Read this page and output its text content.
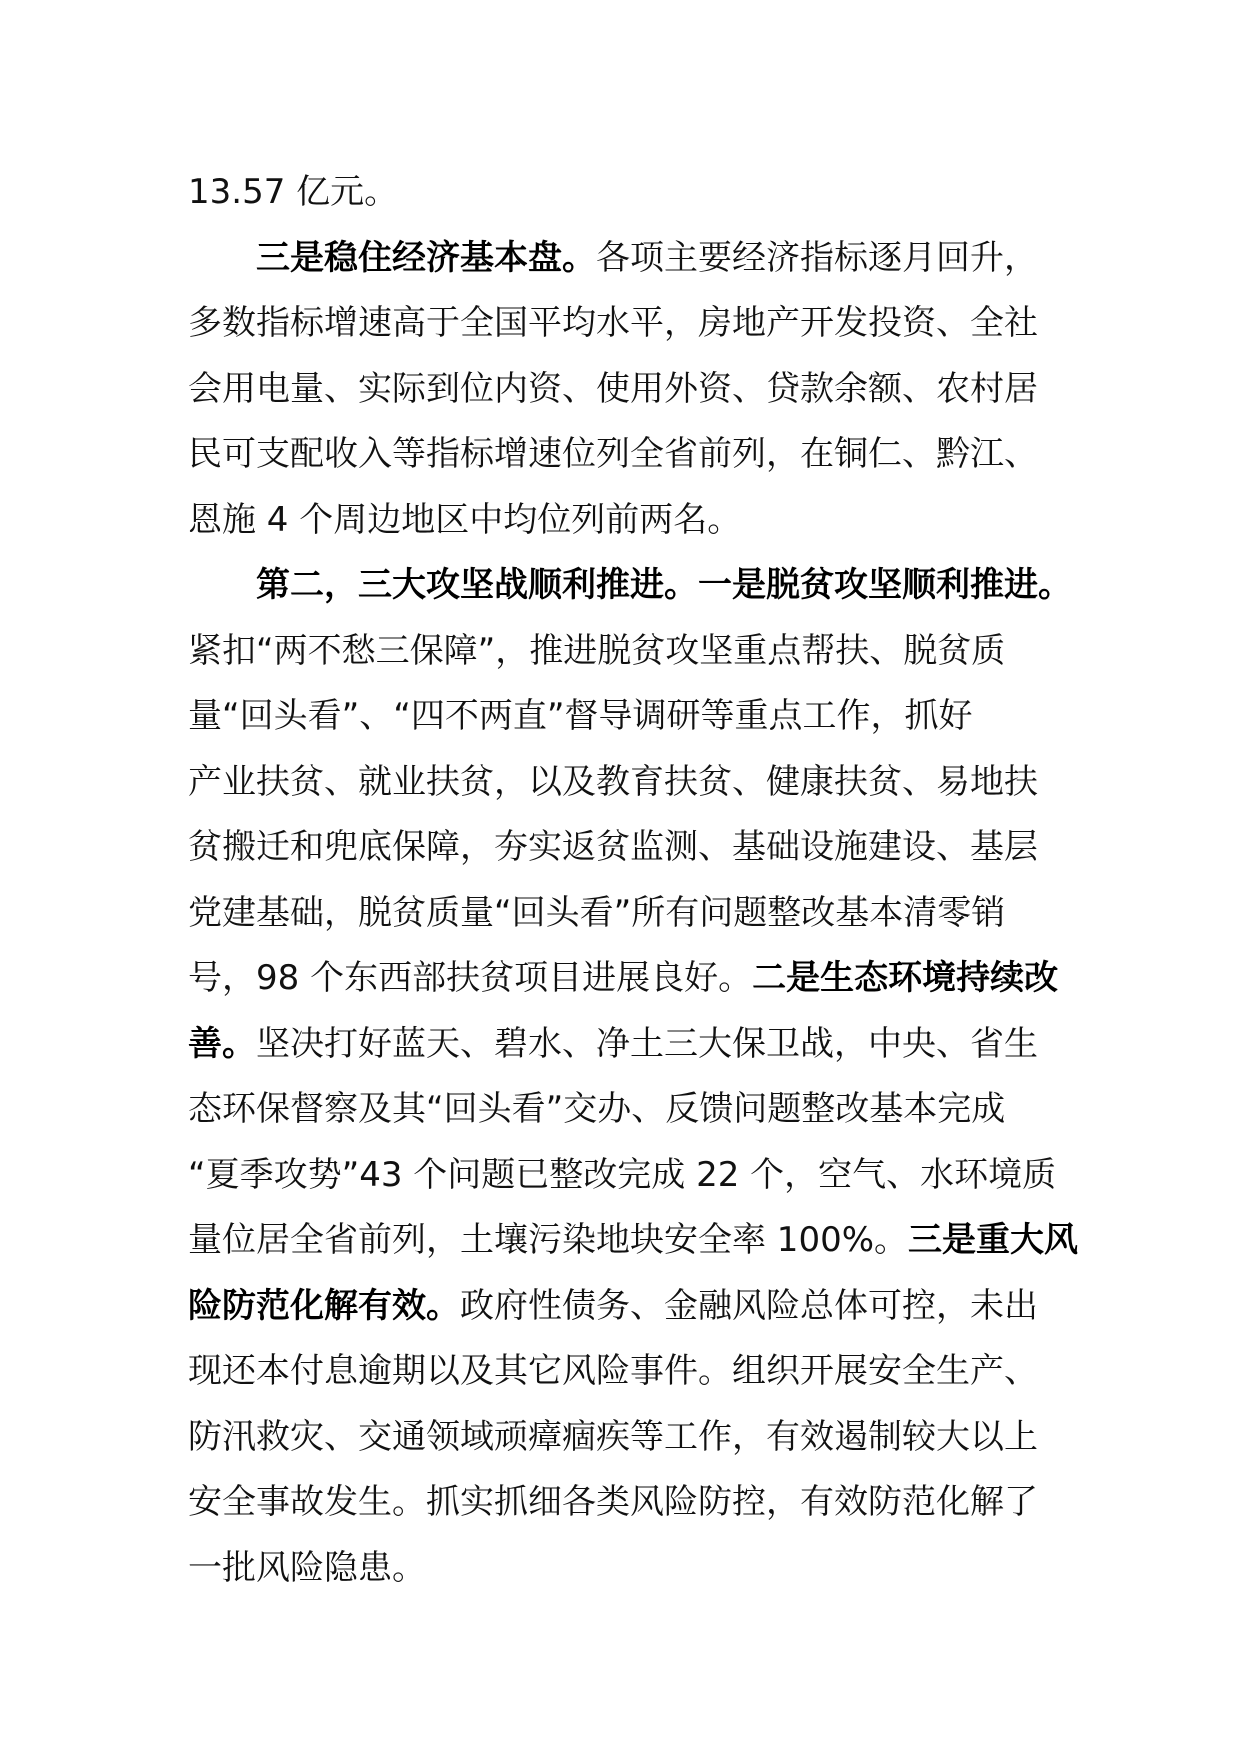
13.57 亿元。
三是稳住经济基本盘。各项主要经济指标逐月回升，
多数指标增速高于全国平均水平，房地产开发投资、全社
会用电量、实际到位内资、使用外资、贷款余额、农村居
民可支配收入等指标增速位列全省前列，在铜仁、黔江、
恩施 4 个周边地区中均位列前两名。
第二，三大攻坚战顺利推进。一是脱贫攻坚顺利推进。
紧扣“两不愁三保障”，推进脱贫攻坚重点帮扶、脱贫质
量“回头看”、“四不两直”督导调研等重点工作，抓好
产业扶贫、就业扶贫，以及教育扶贫、健康扶贫、易地扶
贫搬迁和兜底保障，夯实返贫监测、基础设施建设、基层
党建基础，脱贫质量“回头看”所有问题整改基本清零销
号，98 个东西部扶贫项目进展良好。二是生态环境持续改
善。坚决打好蓝天、碧水、净土三大保卫战，中央、省生
态环保督察及其“回头看”交办、反馈问题整改基本完成
“夏季攻势”43 个问题已整改完成 22 个，空气、水环境质
量位居全省前列，土壤污染地块安全率 100%。三是重大风
险防范化解有效。政府性债务、金融风险总体可控，未出
现还本付息逾期以及其它风险事件。组织开展安全生产、
防汛救灾、交通领域顽瘴痼疾等工作，有效遏制较大以上
安全事故发生。抓实抓细各类风险防控，有效防范化解了
一批风险隐患。
